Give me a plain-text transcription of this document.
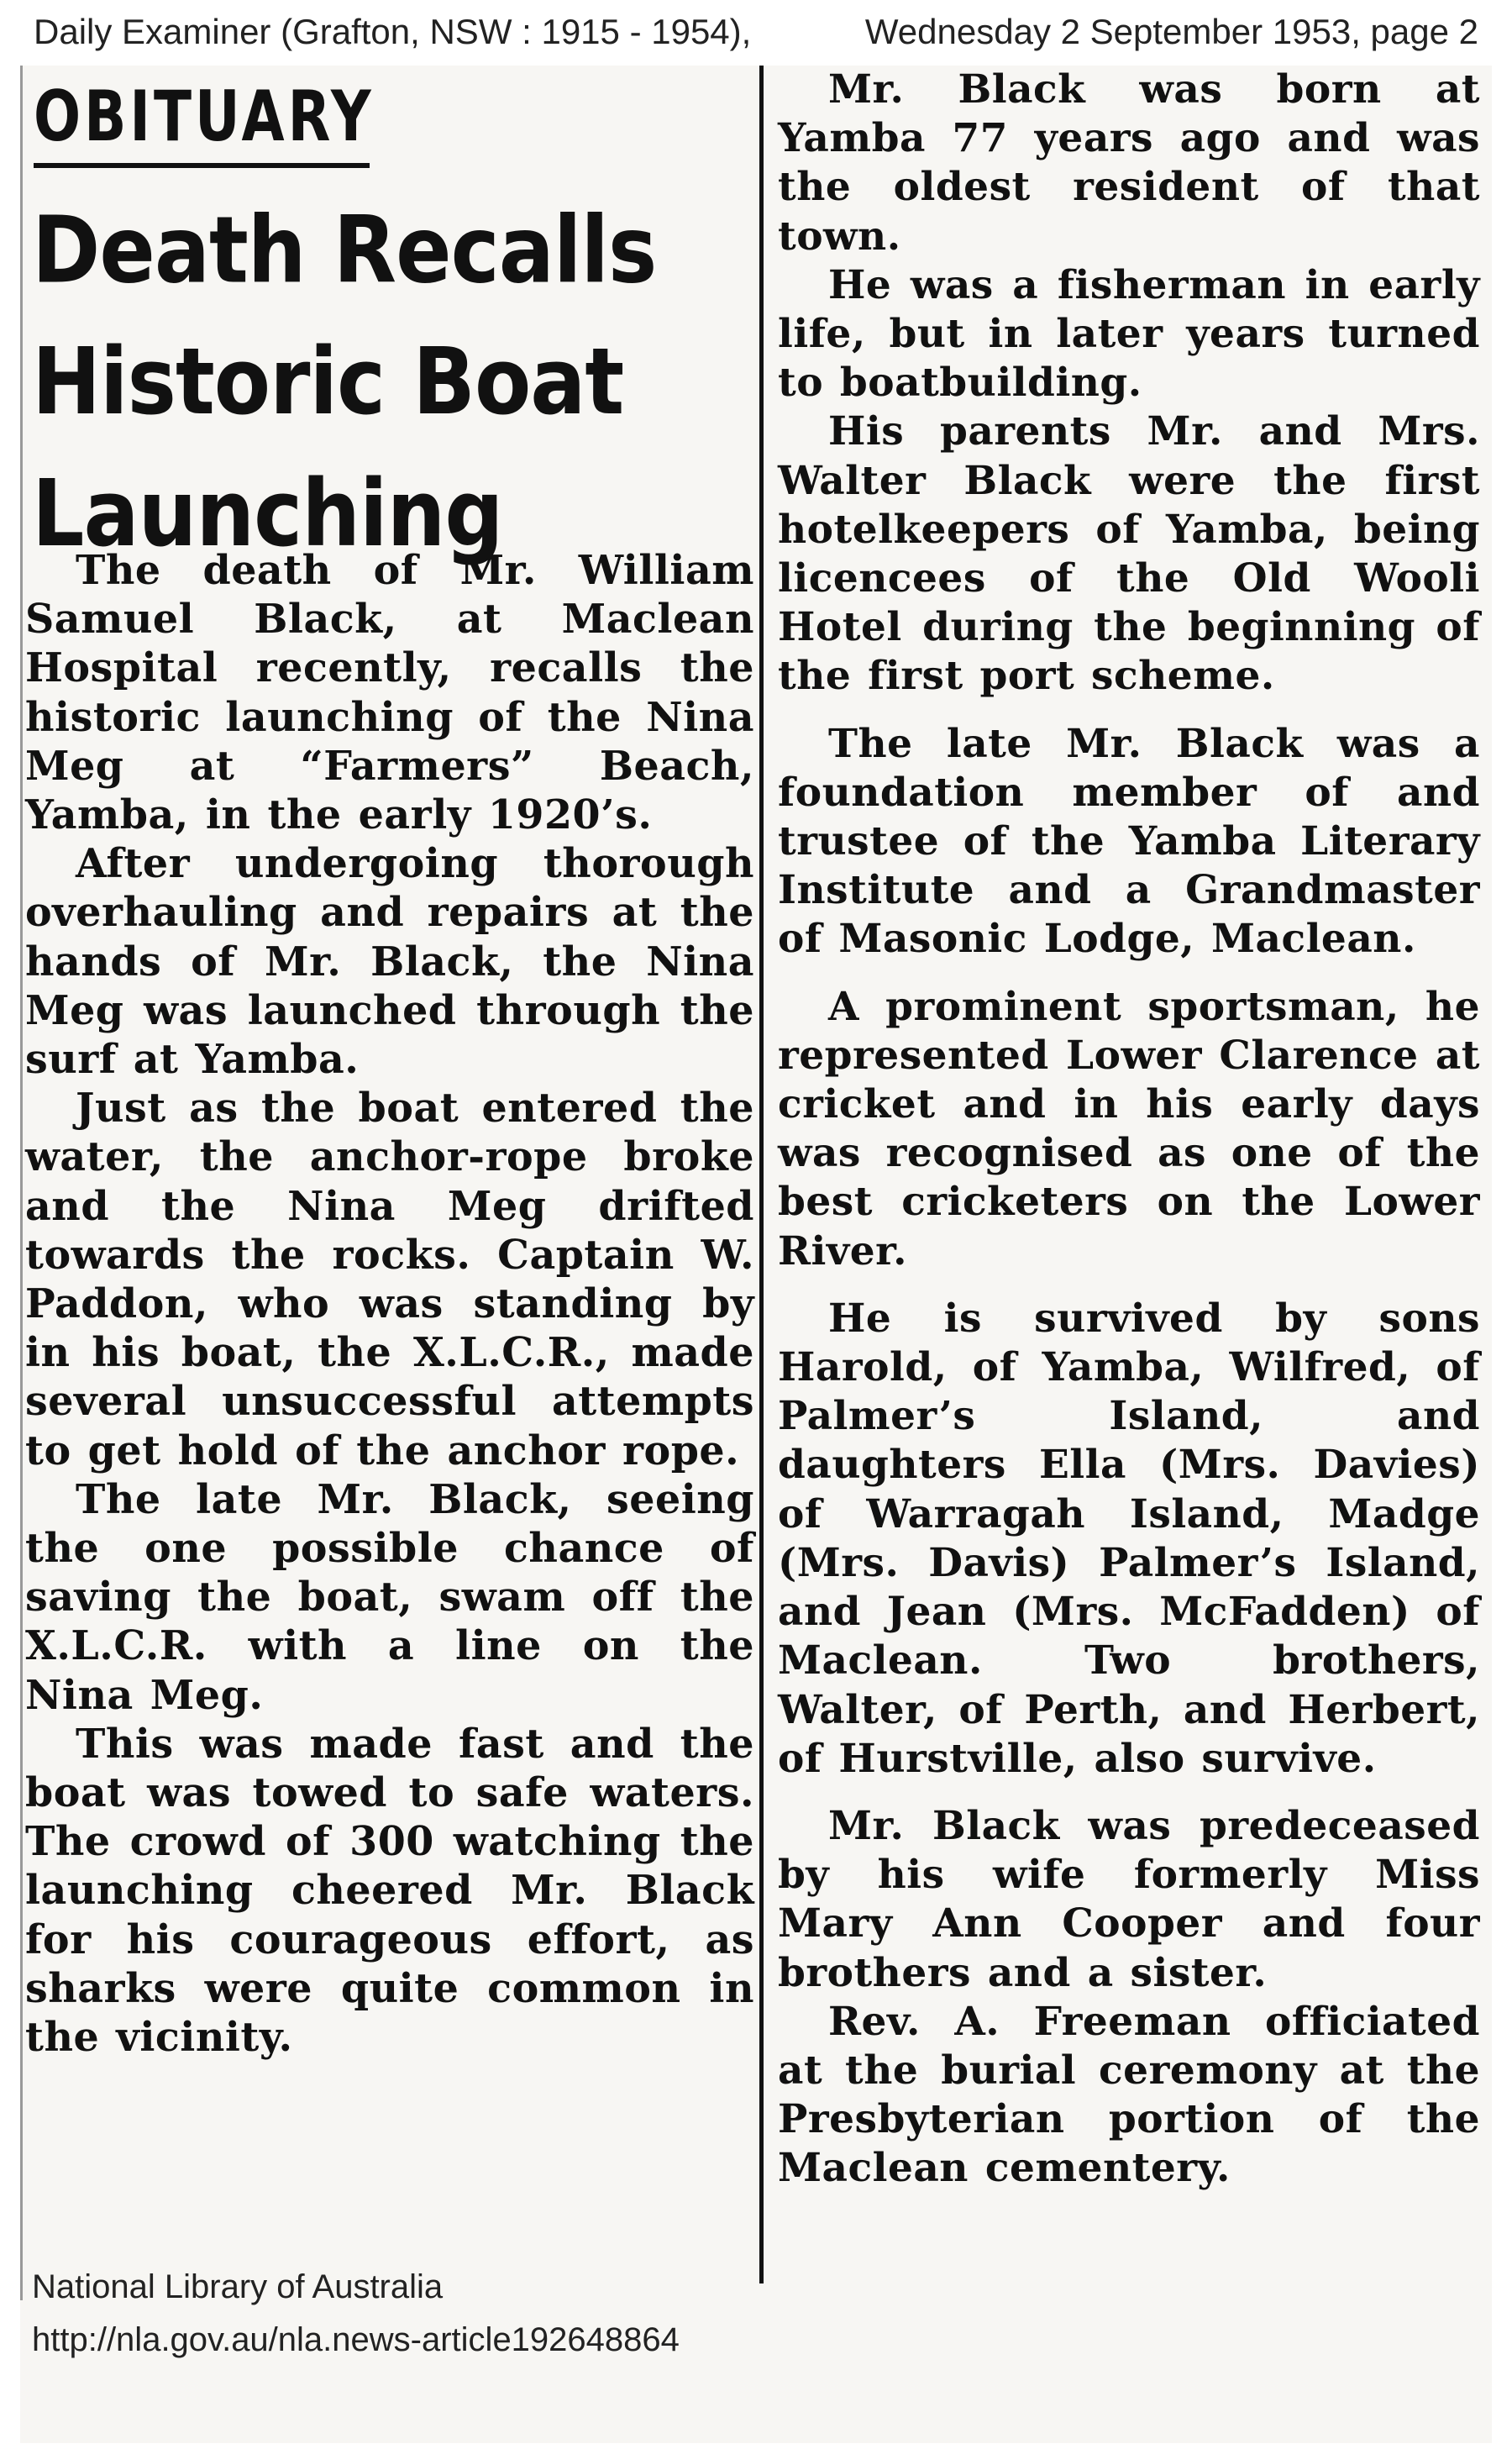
Daily Examiner (Grafton, NSW : 1915 - 1954),	Wednesday 2 September 1953, page 2
OBITUARY
Death Recalls Historic Boat Launching

The death of Mr. William Samuel Black, at Maclean Hospital recently, recalls the historic launching of the Nina Meg at “Farmers” Beach, Yamba, in the early 1920’s.

After undergoing thorough overhauling and repairs at the hands of Mr. Black, the Nina Meg was launched through the surf at Yamba.

Just as the boat entered the water, the anchor-rope broke and the Nina Meg drifted towards the rocks. Captain W. Paddon, who was standing by in his boat, the X.L.C.R., made several unsuccessful attempts to get hold of the anchor rope.

The late Mr. Black, seeing the one possible chance of saving the boat, swam off the X.L.C.R. with a line on the Nina Meg.

This was made fast and the boat was towed to safe waters. The crowd of 300 watching the launching cheered Mr. Black for his courageous effort, as sharks were quite common in the vicinity.

Mr. Black was born at Yamba 77 years ago and was the oldest resident of that town.

He was a fisherman in early life, but in later years turned to boatbuilding.

His parents Mr. and Mrs. Walter Black were the first hotelkeepers of Yamba, being licencees of the Old Wooli Hotel during the beginning of the first port scheme.

The late Mr. Black was a foundation member of and trustee of the Yamba Literary Institute and a Grandmaster of Masonic Lodge, Maclean.

A prominent sportsman, he represented Lower Clarence at cricket and in his early days was recognised as one of the best cricketers on the Lower River.

He is survived by sons Harold, of Yamba, Wilfred, of Palmer’s Island, and daughters Ella (Mrs. Davies) of Warragah Island, Madge (Mrs. Davis) Palmer’s Island, and Jean (Mrs. McFadden) of Maclean. Two brothers, Walter, of Perth, and Herbert, of Hurstville, also survive.

Mr. Black was predeceased by his wife formerly Miss Mary Ann Cooper and four brothers and a sister.

Rev. A. Freeman officiated at the burial ceremony at the Presbyterian portion of the Maclean cementery.

National Library of Australia
http://nla.gov.au/nla.news-article192648864
